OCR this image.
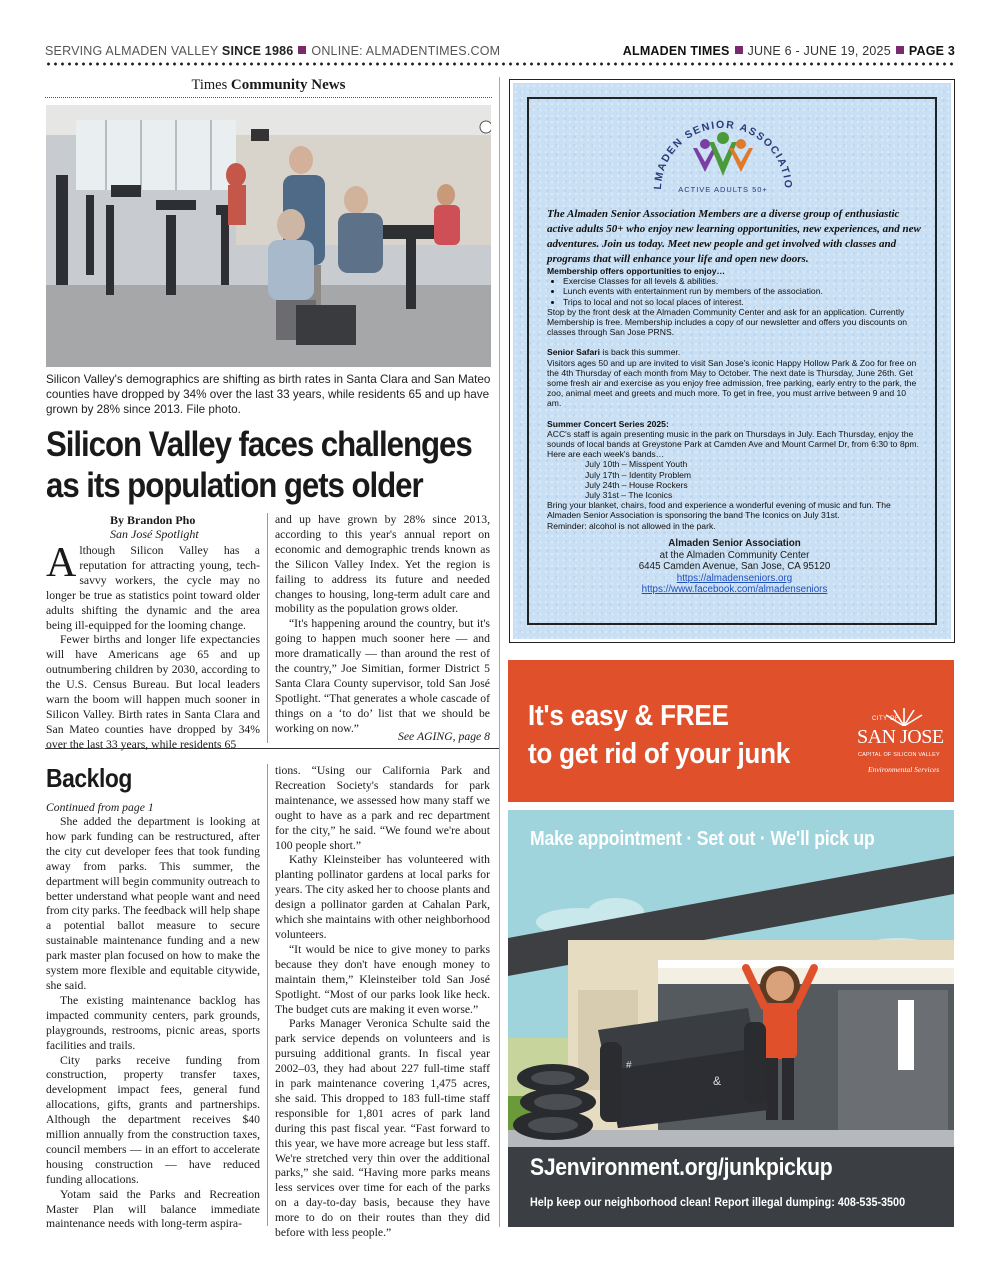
SERVING ALMADEN VALLEY SINCE 1986 ONLINE: ALMADENTIMES.COM	ALMADEN TIMES JUNE 6 - JUNE 19, 2025 PAGE 3
Times Community News
Silicon Valley's demographics are shifting as birth rates in Santa Clara and San Mateo counties have dropped by 34% over the last 33 years, while residents 65 and up have grown by 28% since 2013. File photo.
Silicon Valley faces challenges
as its population gets older
By Brandon Pho
San José Spotlight

Although Silicon Valley has a reputation for attracting young, tech-savvy workers, the cycle may no longer be true as statistics point toward older adults shifting the dynamic and the area being ill-equipped for the looming change.

Fewer births and longer life expectancies will have Americans age 65 and up outnumbering children by 2030, according to the U.S. Census Bureau. But local leaders warn the boom will happen much sooner in Silicon Valley. Birth rates in Santa Clara and San Mateo counties have dropped by 34% over the last 33 years, while residents 65

and up have grown by 28% since 2013, according to this year's annual report on economic and demographic trends known as the Silicon Valley Index. Yet the region is failing to address its future and needed changes to housing, long-term adult care and mobility as the population grows older.

“It's happening around the country, but it's going to happen much sooner here — and more dramatically — than around the rest of the country,” Joe Simitian, former District 5 Santa Clara County supervisor, told San José Spotlight. “That generates a whole cascade of things on a ‘to do’ list that we should be working on now.”

See AGING, page 8
Backlog
Continued from page 1

She added the department is looking at how park funding can be restructured, after the city cut developer fees that took funding away from parks. This summer, the department will begin community outreach to better understand what people want and need from city parks. The feedback will help shape a potential ballot measure to secure sustainable maintenance funding and a new park master plan focused on how to make the system more flexible and equitable citywide, she said.

The existing maintenance backlog has impacted community centers, park grounds, playgrounds, restrooms, picnic areas, sports facilities and trails.

City parks receive funding from construction, property transfer taxes, development impact fees, general fund allocations, gifts, grants and partnerships. Although the department receives $40 million annually from the construction taxes, council members — in an effort to accelerate housing construction — have reduced funding allocations.

Yotam said the Parks and Recreation Master Plan will balance immediate maintenance needs with long-term aspira-

tions. “Using our California Park and Recreation Society's standards for park maintenance, we assessed how many staff we ought to have as a park and rec department for the city,” he said. “We found we're about 100 people short.”

Kathy Kleinsteiber has volunteered with planting pollinator gardens at local parks for years. The city asked her to choose plants and design a pollinator garden at Cahalan Park, which she maintains with other neighborhood volunteers.

“It would be nice to give money to parks because they don't have enough money to maintain them,” Kleinsteiber told San José Spotlight. “Most of our parks look like heck. The budget cuts are making it even worse.”

Parks Manager Veronica Schulte said the park service depends on volunteers and is pursuing additional grants. In fiscal year 2002–03, they had about 227 full-time staff in park maintenance covering 1,475 acres, she said. This dropped to 183 full-time staff responsible for 1,801 acres of park land during this past fiscal year. “Fast forward to this year, we have more acreage but less staff. We're stretched very thin over the additional parks,” she said. “Having more parks means less services over time for each of the parks on a day-to-day basis, because they have more to do on their routes than they did before with less people.”

LMADEN SENIOR ASSOCIATIO
ACTIVE ADULTS 50+
The Almaden Senior Association Members are a diverse group of enthusiastic active adults 50+ who enjoy new learning opportunities, new experiences, and new adventures. Join us today. Meet new people and get involved with classes and programs that will enhance your life and open new doors.
Membership offers opportunities to enjoy…
• Exercise Classes for all levels & abilities.
• Lunch events with entertainment run by members of the association.
• Trips to local and not so local places of interest.
Stop by the front desk at the Almaden Community Center and ask for an application. Currently Membership is free. Membership includes a copy of our newsletter and offers you discounts on classes through San Jose PRNS.
Senior Safari is back this summer.
Visitors ages 50 and up are invited to visit San Jose's iconic Happy Hollow Park & Zoo for free on the 4th Thursday of each month from May to October. The next date is Thursday, June 26th. Get some fresh air and exercise as you enjoy free admission, free parking, early entry to the park, the zoo, animal meet and greets and much more. To get in free, you must arrive between 9 and 10 am.
Summer Concert Series 2025:
ACC's staff is again presenting music in the park on Thursdays in July. Each Thursday, enjoy the sounds of local bands at Greystone Park at Camden Ave and Mount Carmel Dr, from 6:30 to 8pm. Here are each week's bands…
July 10th – Misspent Youth
July 17th – Identity Problem
July 24th – House Rockers
July 31st – The Iconics
Bring your blanket, chairs, food and experience a wonderful evening of music and fun. The Almaden Senior Association is sponsoring the band The Iconics on July 31st.
Reminder: alcohol is not allowed in the park.
Almaden Senior Association
at the Almaden Community Center
6445 Camden Avenue, San Jose, CA 95120
https://almadenseniors.org
https://www.facebook.com/almadenseniors
It's easy & FREE
to get rid of your junk
CITY OF
SAN JOSE
CAPITAL OF SILICON VALLEY
Environmental Services
#
&
Make appointment · Set out · We'll pick up
SJenvironment.org/junkpickup
Help keep our neighborhood clean! Report illegal dumping: 408-535-3500
